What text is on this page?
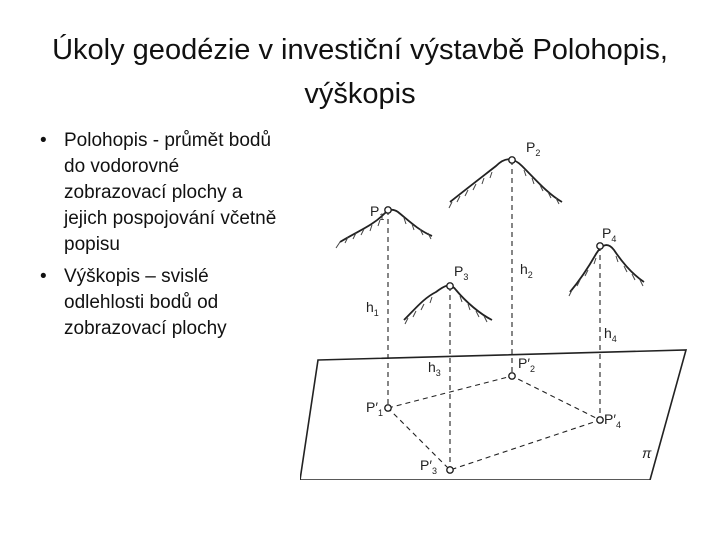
Úkoly geodézie v investiční výstavbě Polohopis,
výškopis
• Polohopis - průmět bodů do vodorovné zobrazovací plochy a jejich pospojování včetně popisu
• Výškopis – svislé odlehlosti bodů od zobrazovací plochy
$P_1$
$P_2$
$P_3$
$P_4$
$h_1$
$h_2$
$h_3$
$h_4$
$P'_1$
$P'_2$
$P'_3$
$P'_4$
π
